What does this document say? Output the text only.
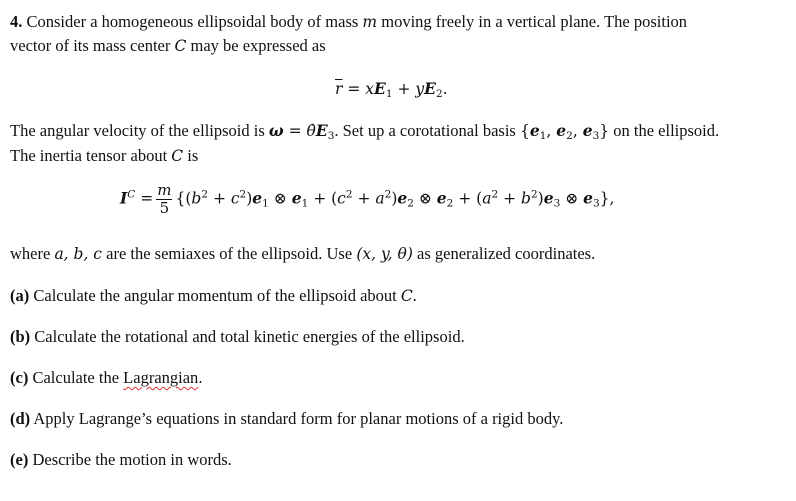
4. Consider a homogeneous ellipsoidal body of mass m moving freely in a vertical plane. The position
vector of its mass center C may be expressed as
$\overline{r} = xE_1 + yE_2$.
The angular velocity of the ellipsoid is $\omega = \thetȧE_3$. Set up a corotational basis {$e_1$, $e_2$, $e_3$} on the ellipsoid.
The inertia tensor about C is
$I^C = \frac{m}{5} \{(b^2 + c^2)e_1$ ⊗ $e_1 + (c^2 + a^2)e_2$ ⊗ $e_2 + (a^2 + b^2)e_3$ ⊗ $e_3$},
where a, b, c are the semiaxes of the ellipsoid. Use (x, y, θ) as generalized coordinates.
(a) Calculate the angular momentum of the ellipsoid about C.
(b) Calculate the rotational and total kinetic energies of the ellipsoid.
(c) Calculate the Lagrangian.
(d) Apply Lagrange’s equations in standard form for planar motions of a rigid body.
(e) Describe the motion in words.
